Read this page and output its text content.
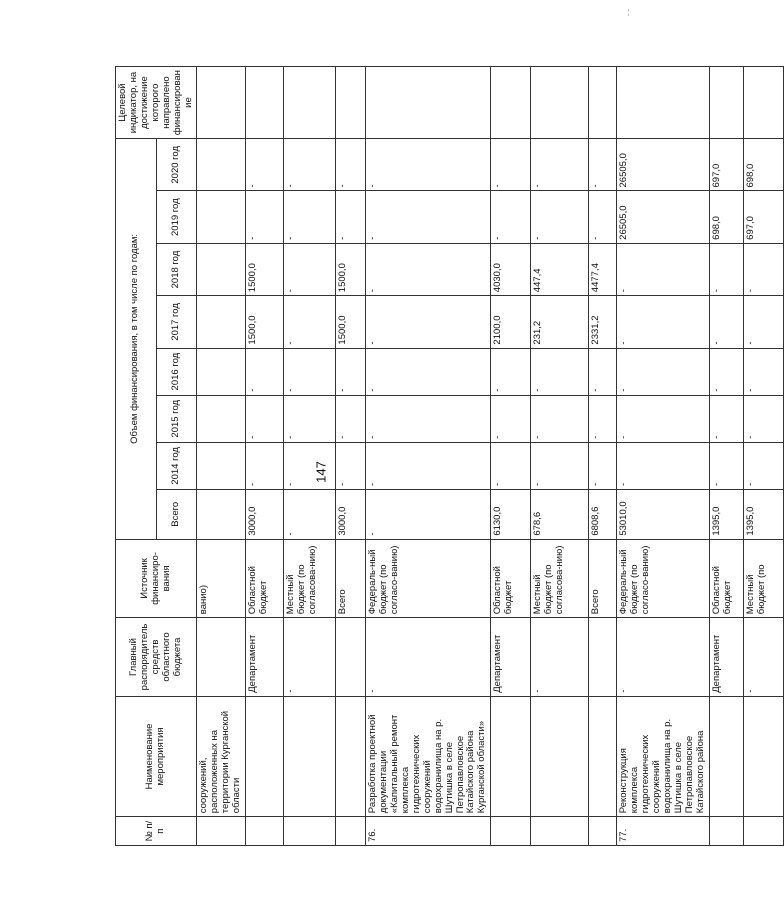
147
- -
№ п/п	Наименование мероприятия	Главный распорядитель средств областного бюджета	Источник финансиро-вания	Объем финансирования, в том числе по годам:								Целевой индикатор, на достижение которого направлено финансирование
				Всего	2014 год	2015 год	2016 год	2017 год	2018 год	2019 год	2020 год	
	сооружений, расположенных на территории Курганской области		ваниo)									
		Департамент	Областной бюджет	3000,0	-	-	-	1500,0	1500,0	-	-	
		-	Местный бюджет (по согласова-нию)	-	-	-	-	-	-	-	-	
			Всего	3000,0	-	-	-	1500,0	1500,0	-	-	
76.	Разработка проектной документации «Капитальный ремонт комплекса гидротехнических сооружений водохранилища на р. Шутишка в селе Петропавловское Катайского района Курганской области»	-	Федераль-ный бюджет (по согласо-ванию)	-	-	-	-	-	-	-	-	
		Департамент	Областной бюджет	6130,0	-	-	-	2100,0	4030,0	-	-	
		-	Местный бюджет (по согласова-нию)	678,6	-	-	-	231,2	447,4	-	-	
			Всего	6808,6	-	-	-	2331,2	4477,4	-	-	
77.	Реконструкция комплекса гидротехнических сооружений водохранилища на р. Шутишка в селе Петропавловское Катайского района	-	Федераль-ный бюджет (по согласо-ванию)	53010,0	-	-	-	-	-	26505,0	26505,0	
		Департамент	Областной бюджет	1395,0	-	-	-	-	-	698,0	697,0	
		-	Местный бюджет (по	1395,0	-	-	-	-	-	697,0	698,0	
